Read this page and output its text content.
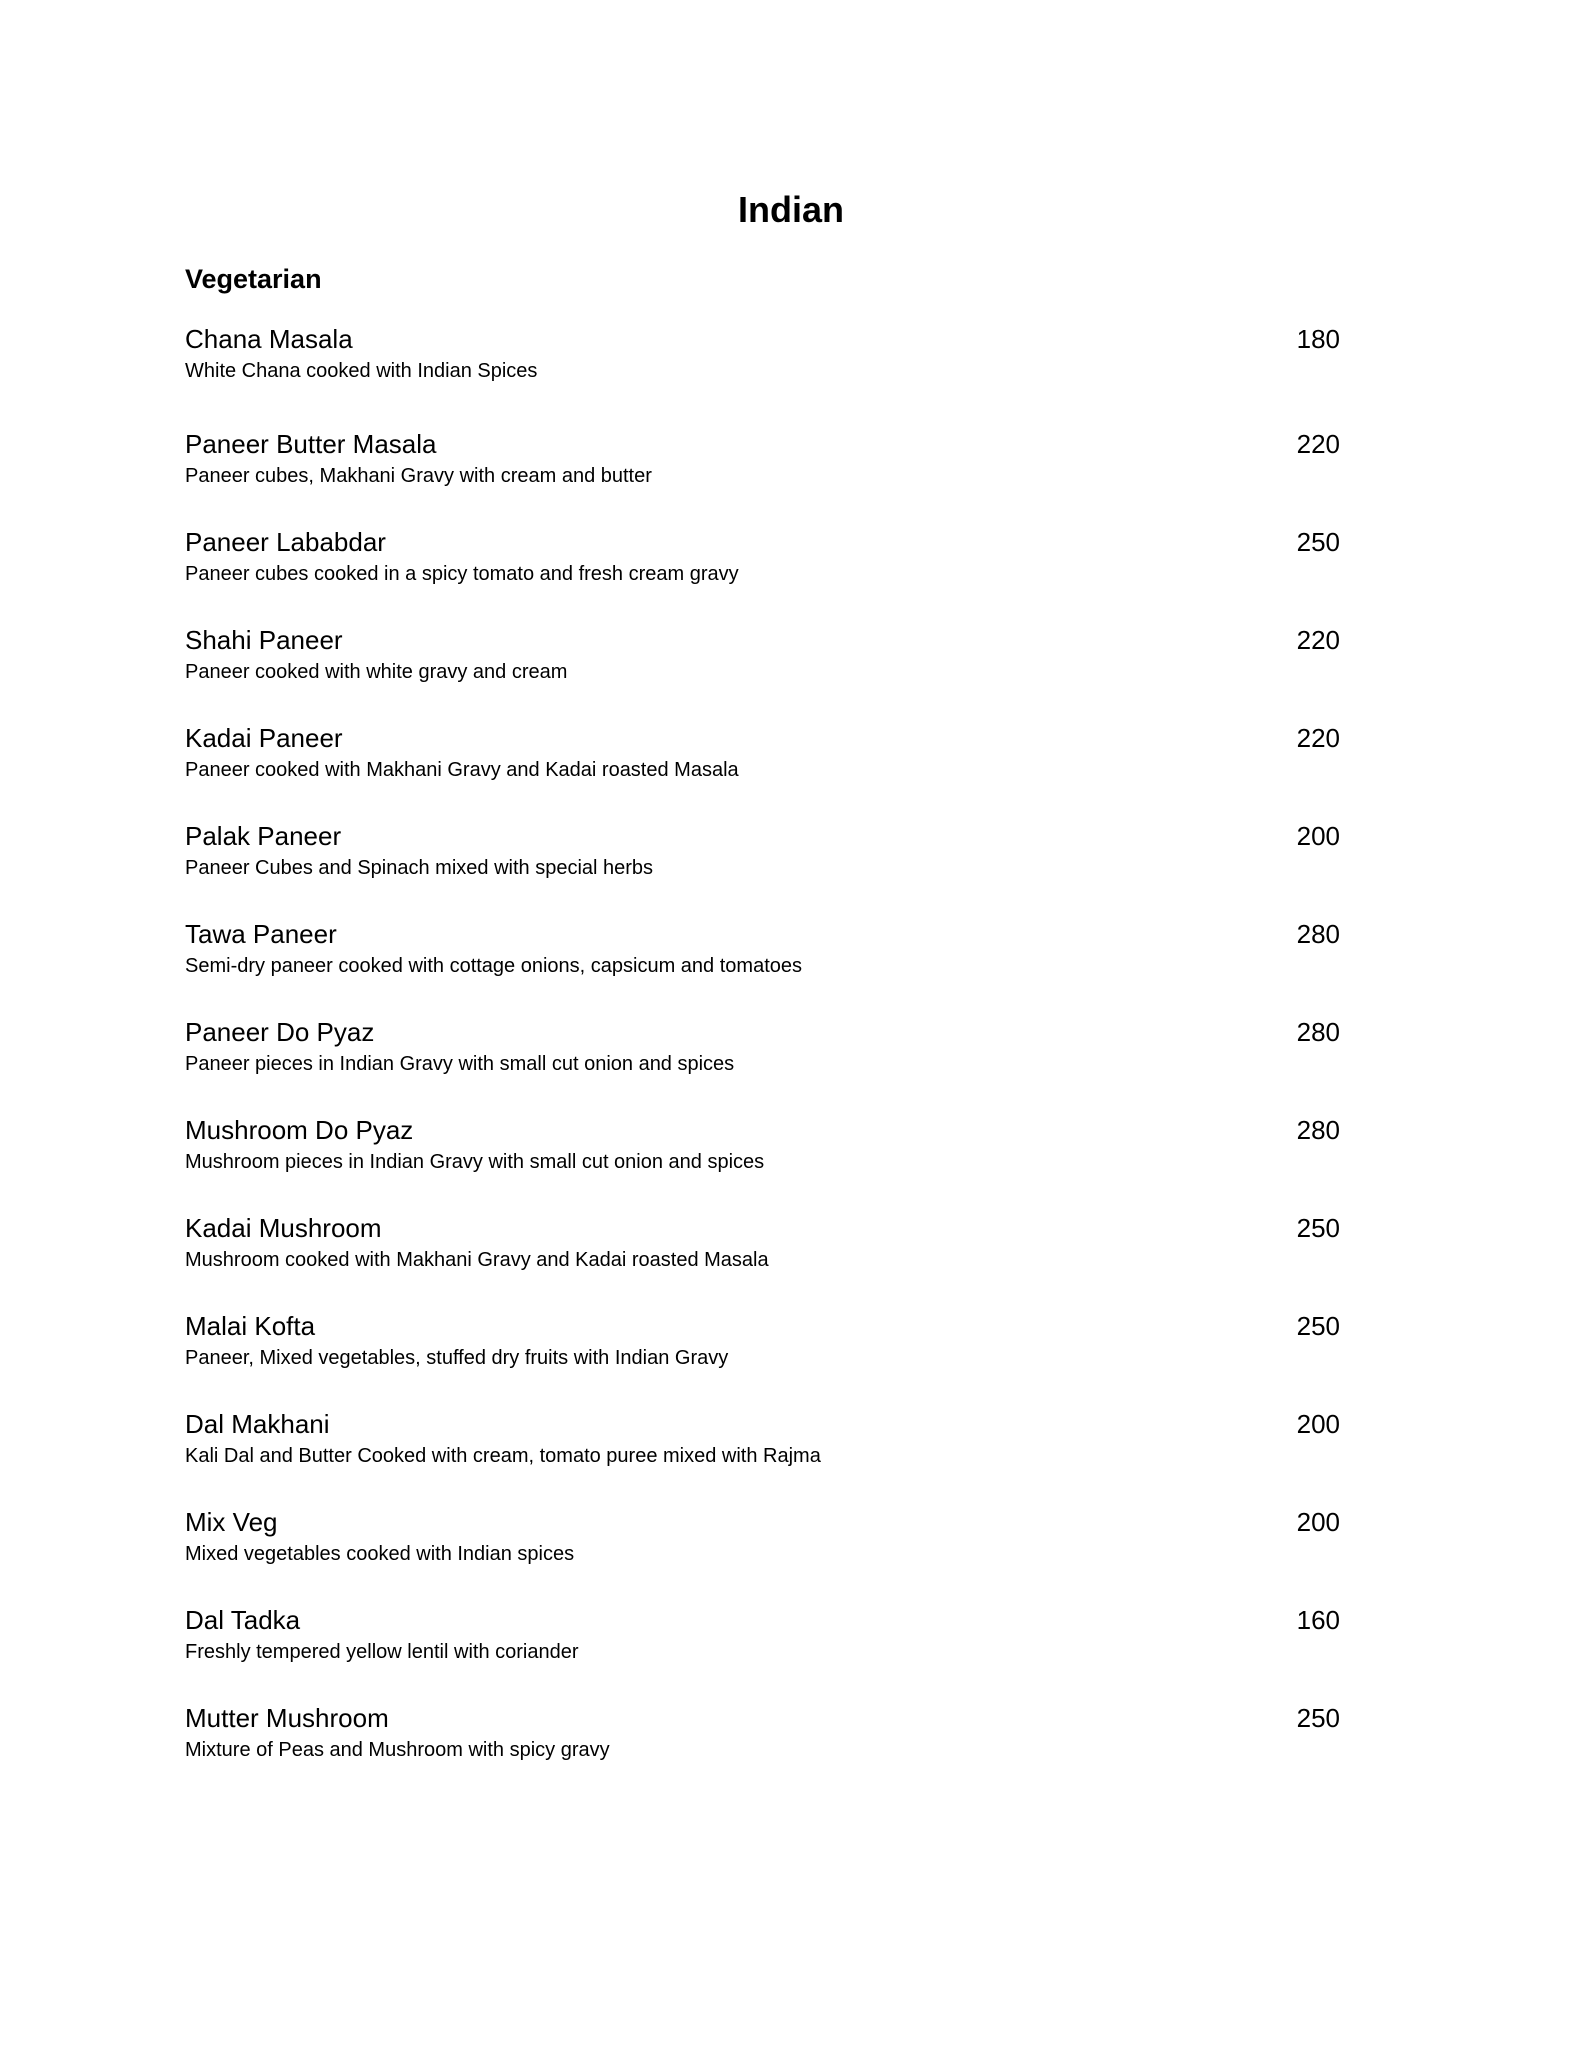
Indian
Vegetarian
Chana Masala	180
White Chana cooked with Indian Spices
Paneer Butter Masala	220
Paneer cubes, Makhani Gravy with cream and butter
Paneer Lababdar	250
Paneer cubes cooked in a spicy tomato and fresh cream gravy
Shahi Paneer	220
Paneer cooked with white gravy and cream
Kadai Paneer	220
Paneer cooked with Makhani Gravy and Kadai roasted Masala
Palak Paneer	200
Paneer Cubes and Spinach mixed with special herbs
Tawa Paneer	280
Semi-dry paneer cooked with cottage onions, capsicum and tomatoes
Paneer Do Pyaz	280
Paneer pieces in Indian Gravy with small cut onion and spices
Mushroom Do Pyaz	280
Mushroom pieces in Indian Gravy with small cut onion and spices
Kadai Mushroom	250
Mushroom cooked with Makhani Gravy and Kadai roasted Masala
Malai Kofta	250
Paneer, Mixed vegetables, stuffed dry fruits with Indian Gravy
Dal Makhani	200
Kali Dal and Butter Cooked with cream, tomato puree mixed with Rajma
Mix Veg	200
Mixed vegetables cooked with Indian spices
Dal Tadka	160
Freshly tempered yellow lentil with coriander
Mutter Mushroom	250
Mixture of Peas and Mushroom with spicy gravy
